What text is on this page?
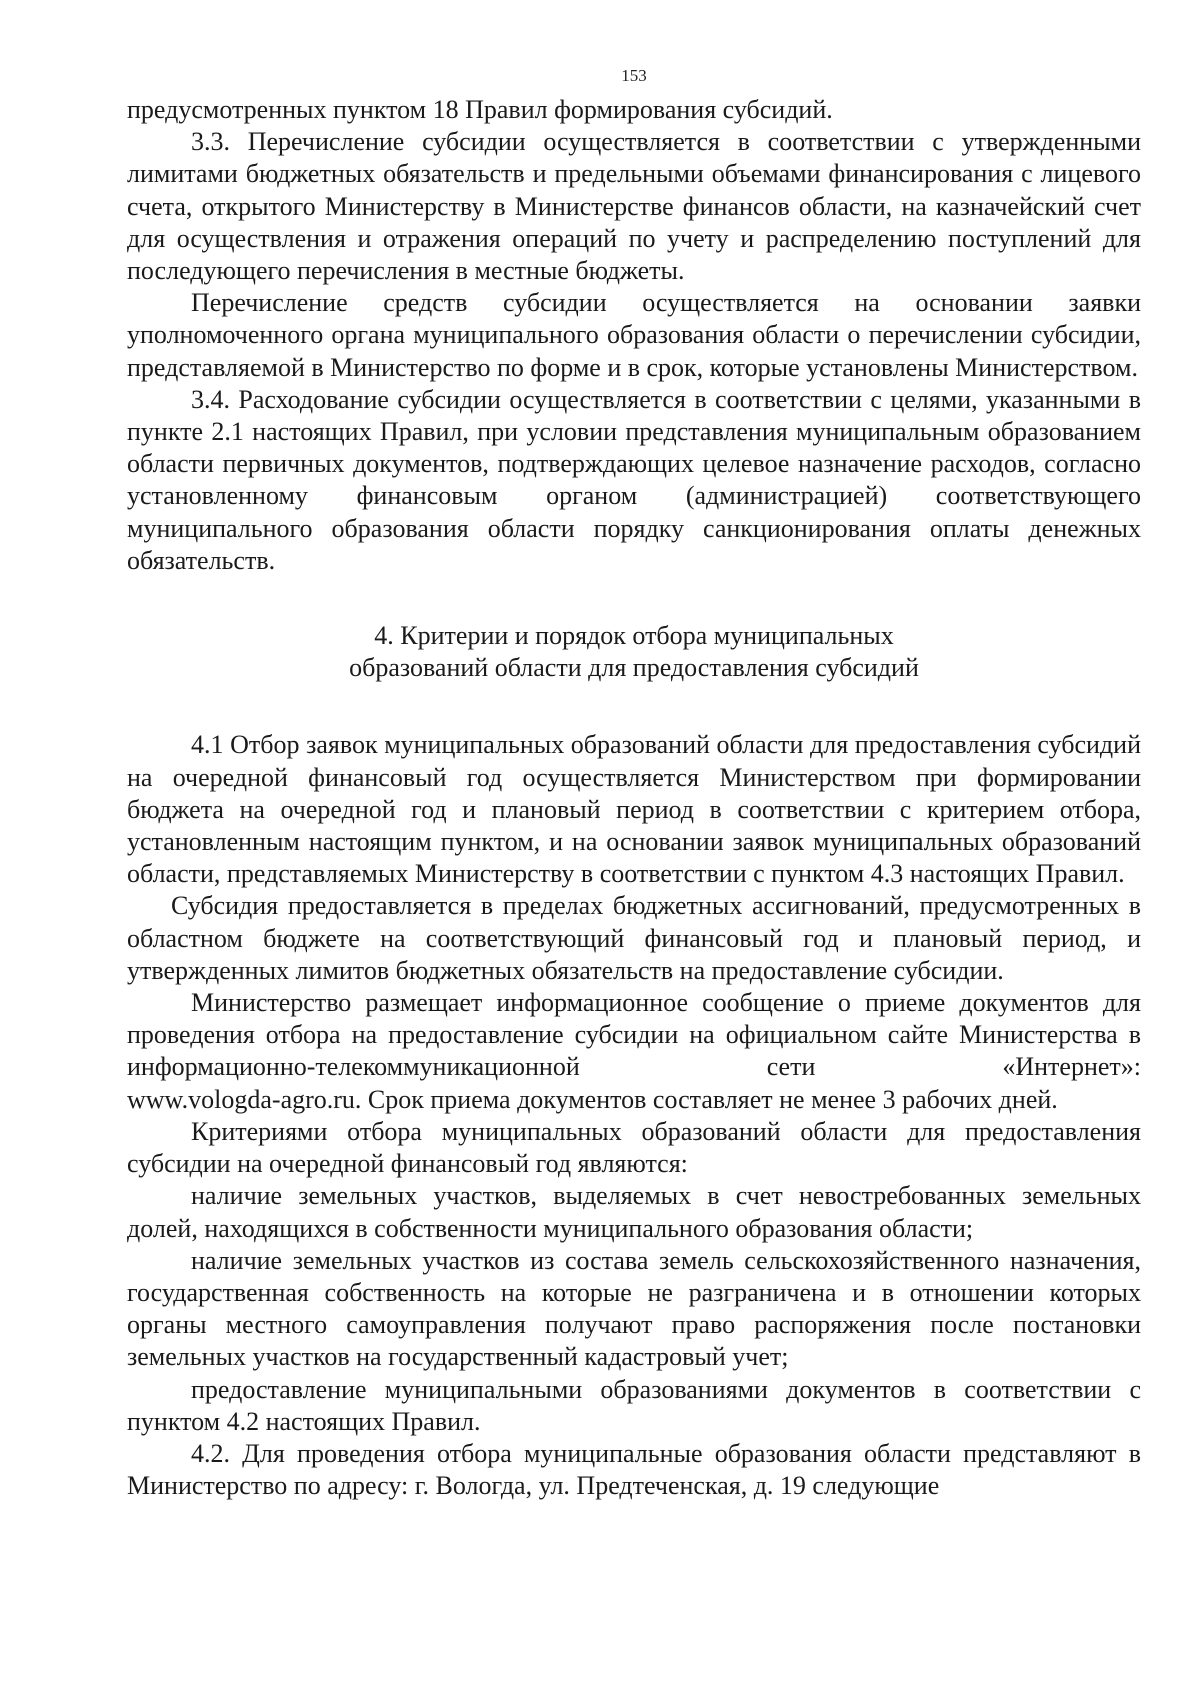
153

предусмотренных пунктом 18 Правил формирования субсидий.

3.3. Перечисление субсидии осуществляется в соответствии с утвержденными лимитами бюджетных обязательств и предельными объемами финансирования с лицевого счета, открытого Министерству в Министерстве финансов области, на казначейский счет для осуществления и отражения операций по учету и распределению поступлений для последующего перечисления в местные бюджеты.

Перечисление средств субсидии осуществляется на основании заявки уполномоченного органа муниципального образования области о перечислении субсидии, представляемой в Министерство по форме и в срок, которые установлены Министерством.

3.4. Расходование субсидии осуществляется в соответствии с целями, указанными в пункте 2.1 настоящих Правил, при условии представления муниципальным образованием области первичных документов, подтверждающих целевое назначение расходов, согласно установленному финансовым органом (администрацией) соответствующего муниципального образования области порядку санкционирования оплаты денежных обязательств.

4. Критерии и порядок отбора муниципальных
образований области для предоставления субсидий

4.1 Отбор заявок муниципальных образований области для предоставления субсидий на очередной финансовый год осуществляется Министерством при формировании бюджета на очередной год и плановый период в соответствии с критерием отбора, установленным настоящим пунктом, и на основании заявок муниципальных образований области, представляемых Министерству в соответствии с пунктом 4.3 настоящих Правил.

Субсидия предоставляется в пределах бюджетных ассигнований, предусмотренных в областном бюджете на соответствующий финансовый год и плановый период, и утвержденных лимитов бюджетных обязательств на предоставление субсидии.

Министерство размещает информационное сообщение о приеме документов для проведения отбора на предоставление субсидии на официальном сайте Министерства в информационно-телекоммуникационной сети «Интернет»:

www.vologda-agro.ru. Срок приема документов составляет не менее 3 рабочих дней.

Критериями отбора муниципальных образований области для предоставления субсидии на очередной финансовый год являются:

наличие земельных участков, выделяемых в счет невостребованных земельных долей, находящихся в собственности муниципального образования области;

наличие земельных участков из состава земель сельскохозяйственного назначения, государственная собственность на которые не разграничена и в отношении которых органы местного самоуправления получают право распоряжения после постановки земельных участков на государственный кадастровый учет;

предоставление муниципальными образованиями документов в соответствии с пунктом 4.2 настоящих Правил.

4.2. Для проведения отбора муниципальные образования области представляют в Министерство по адресу: г. Вологда, ул. Предтеченская, д. 19 следующие
